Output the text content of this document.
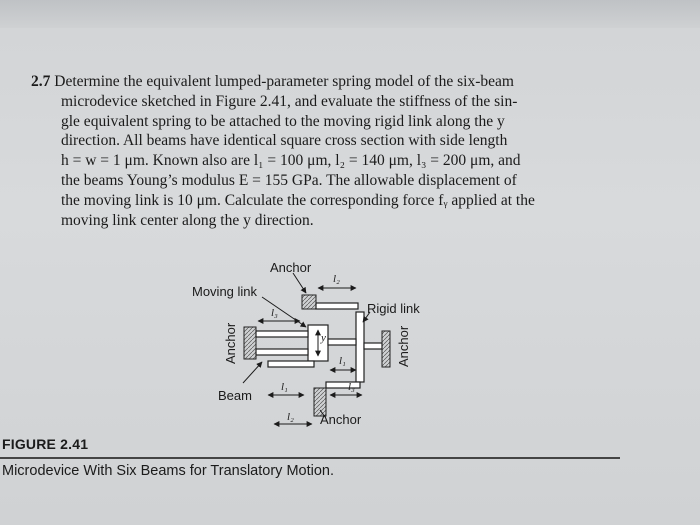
2.7 Determine the equivalent lumped-parameter spring model of the six-beam
microdevice sketched in Figure 2.41, and evaluate the stiffness of the sin-
gle equivalent spring to be attached to the moving rigid link along the y
direction. All beams have identical square cross section with side length
h = w = 1 μm. Known also are l₁ = 100 μm, l₂ = 140 μm, l₃ = 200 μm, and
the beams Young’s modulus E = 155 GPa. The allowable displacement of
the moving link is 10 μm. Calculate the corresponding force fᵧ applied at the
moving link center along the y direction.
y
l₂
l₃
l₁
l₃
l₁
l₂
Anchor
Moving link
Rigid link
Beam
Anchor
Anchor	Anchor
FIGURE 2.41
Microdevice With Six Beams for Translatory Motion.
